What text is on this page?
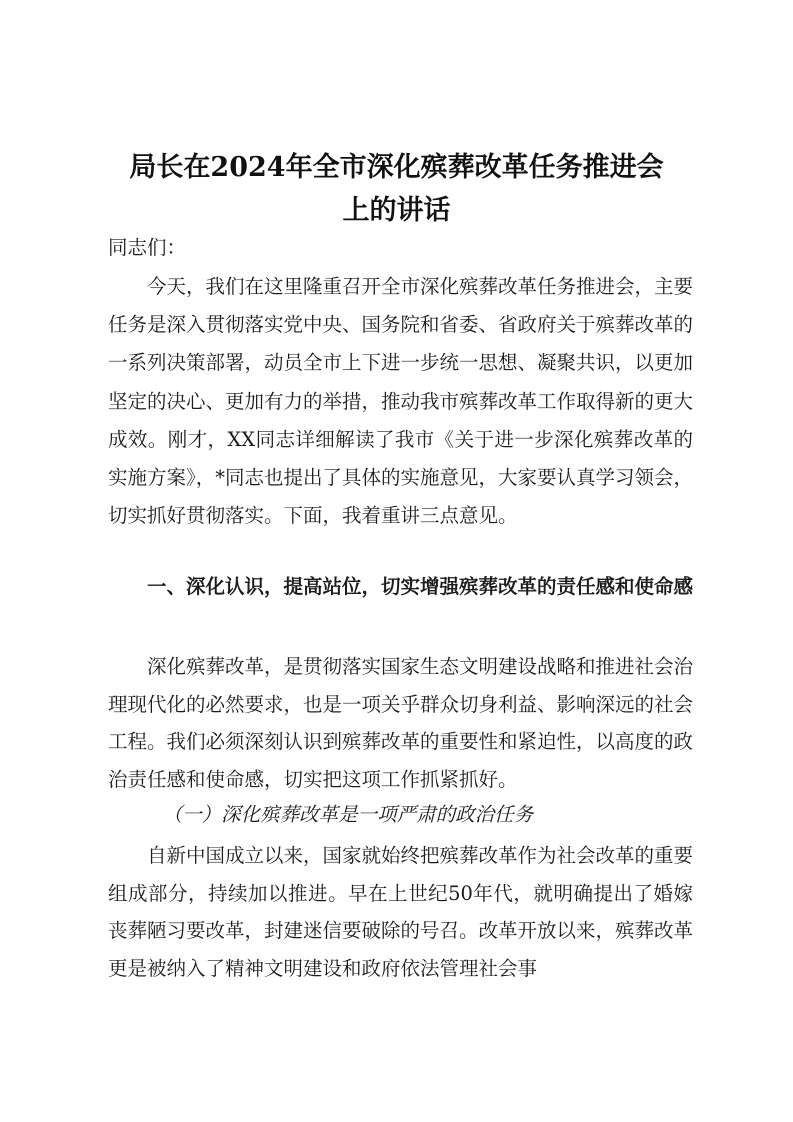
局长在2024年全市深化殡葬改革任务推进会
上的讲话
同志们：
今天，我们在这里隆重召开全市深化殡葬改革任务推进会，主要任务是深入贯彻落实党中央、国务院和省委、省政府关于殡葬改革的一系列决策部署，动员全市上下进一步统一思想、凝聚共识，以更加坚定的决心、更加有力的举措，推动我市殡葬改革工作取得新的更大成效。刚才，XX同志详细解读了我市《关于进一步深化殡葬改革的实施方案》，*同志也提出了具体的实施意见，大家要认真学习领会，切实抓好贯彻落实。下面，我着重讲三点意见。
一、深化认识，提高站位，切实增强殡葬改革的责任感和使命感
深化殡葬改革，是贯彻落实国家生态文明建设战略和推进社会治理现代化的必然要求，也是一项关乎群众切身利益、影响深远的社会工程。我们必须深刻认识到殡葬改革的重要性和紧迫性，以高度的政治责任感和使命感，切实把这项工作抓紧抓好。
（一）深化殡葬改革是一项严肃的政治任务
自新中国成立以来，国家就始终把殡葬改革作为社会改革的重要组成部分，持续加以推进。早在上世纪50年代，就明确提出了婚嫁丧葬陋习要改革，封建迷信要破除的号召。改革开放以来，殡葬改革更是被纳入了精神文明建设和政府依法管理社会事
